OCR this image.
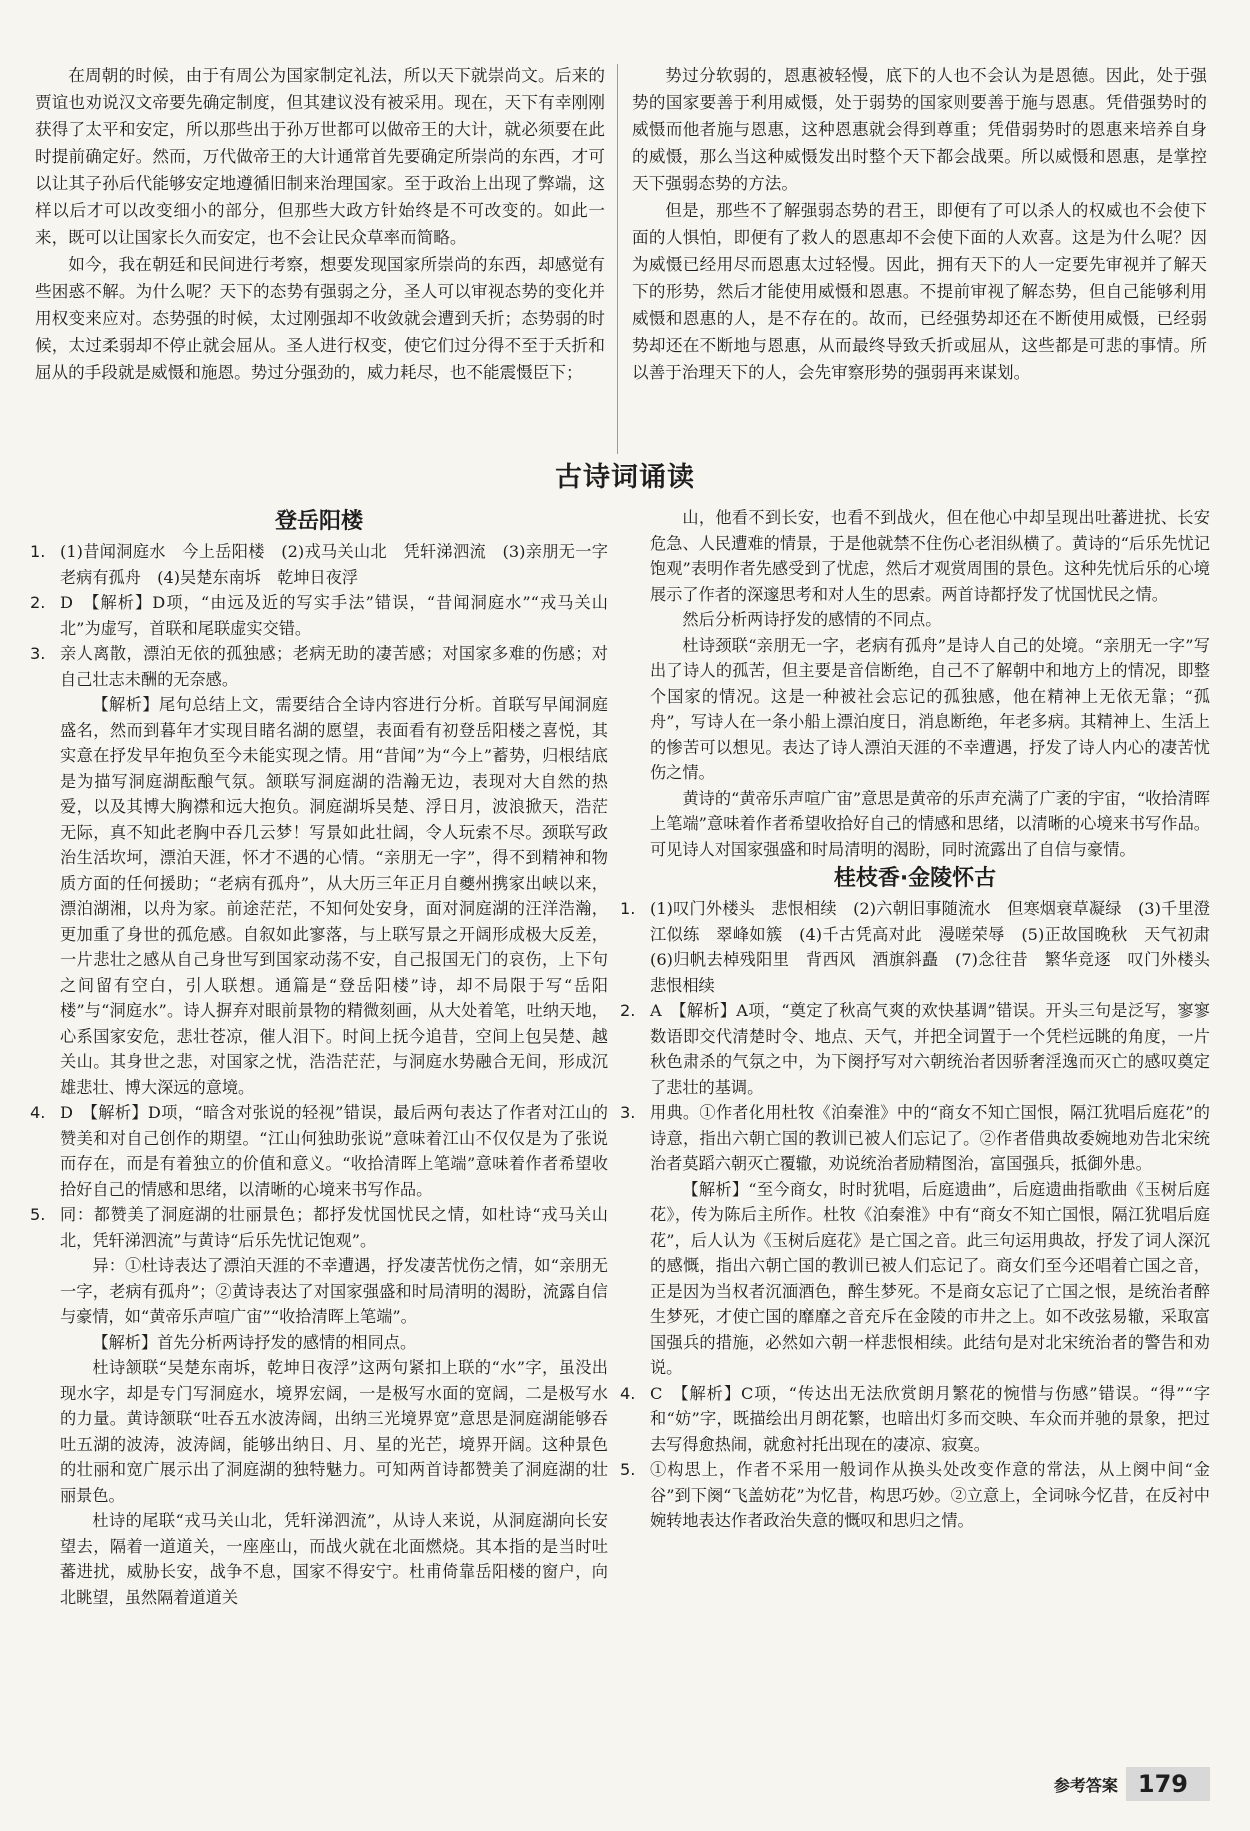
在周朝的时候，由于有周公为国家制定礼法，所以天下就崇尚文。后来的贾谊也劝说汉文帝要先确定制度，但其建议没有被采用。现在，天下有幸刚刚获得了太平和安定，所以那些出于孙万世都可以做帝王的大计，就必须要在此时提前确定好。然而，万代做帝王的大计通常首先要确定所崇尚的东西，才可以让其子孙后代能够安定地遵循旧制来治理国家。至于政治上出现了弊端，这样以后才可以改变细小的部分，但那些大政方针始终是不可改变的。如此一来，既可以让国家长久而安定，也不会让民众草率而简略。

如今，我在朝廷和民间进行考察，想要发现国家所崇尚的东西，却感觉有些困惑不解。为什么呢？天下的态势有强弱之分，圣人可以审视态势的变化并用权变来应对。态势强的时候，太过刚强却不收敛就会遭到夭折；态势弱的时候，太过柔弱却不停止就会屈从。圣人进行权变，使它们过分得不至于夭折和屈从的手段就是威慑和施恩。势过分强劲的，威力耗尽，也不能震慑臣下；

势过分软弱的，恩惠被轻慢，底下的人也不会认为是恩德。因此，处于强势的国家要善于利用威慑，处于弱势的国家则要善于施与恩惠。凭借强势时的威慑而他者施与恩惠，这种恩惠就会得到尊重；凭借弱势时的恩惠来培养自身的威慑，那么当这种威慑发出时整个天下都会战栗。所以威慑和恩惠，是掌控天下强弱态势的方法。

但是，那些不了解强弱态势的君王，即便有了可以杀人的权威也不会使下面的人惧怕，即便有了救人的恩惠却不会使下面的人欢喜。这是为什么呢？因为威慑已经用尽而恩惠太过轻慢。因此，拥有天下的人一定要先审视并了解天下的形势，然后才能使用威慑和恩惠。不提前审视了解态势，但自己能够利用威慑和恩惠的人，是不存在的。故而，已经强势却还在不断使用威慑，已经弱势却还在不断地与恩惠，从而最终导致夭折或屈从，这些都是可悲的事情。所以善于治理天下的人，会先审察形势的强弱再来谋划。

古诗词诵读
登岳阳楼
1. (1)昔闻洞庭水　今上岳阳楼　(2)戎马关山北　凭轩涕泗流　(3)亲朋无一字　老病有孤舟　(4)吴楚东南坼　乾坤日夜浮
2. D　【解析】D项，“由远及近的写实手法”错误，“昔闻洞庭水”“戎马关山北”为虚写，首联和尾联虚实交错。
3. 亲人离散，漂泊无依的孤独感；老病无助的凄苦感；对国家多难的伤感；对自己壮志未酬的无奈感。

【解析】尾句总结上文，需要结合全诗内容进行分析。首联写早闻洞庭盛名，然而到暮年才实现目睹名湖的愿望，表面看有初登岳阳楼之喜悦，其实意在抒发早年抱负至今未能实现之情。用“昔闻”为“今上”蓄势，归根结底是为描写洞庭湖酝酿气氛。颔联写洞庭湖的浩瀚无边，表现对大自然的热爱，以及其博大胸襟和远大抱负。洞庭湖坼吴楚、浮日月，波浪掀天，浩茫无际，真不知此老胸中吞几云梦！写景如此壮阔，令人玩索不尽。颈联写政治生活坎坷，漂泊天涯，怀才不遇的心情。“亲朋无一字”，得不到精神和物质方面的任何援助；“老病有孤舟”，从大历三年正月自夔州携家出峡以来，漂泊湖湘，以舟为家。前途茫茫，不知何处安身，面对洞庭湖的汪洋浩瀚，更加重了身世的孤危感。自叙如此寥落，与上联写景之开阔形成极大反差，一片悲壮之感从自己身世写到国家动荡不安，自己报国无门的哀伤，上下句之间留有空白，引人联想。通篇是“登岳阳楼”诗，却不局限于写“岳阳楼”与“洞庭水”。诗人摒弃对眼前景物的精微刻画，从大处着笔，吐纳天地，心系国家安危，悲壮苍凉，催人泪下。时间上抚今追昔，空间上包吴楚、越关山。其身世之悲，对国家之忧，浩浩茫茫，与洞庭水势融合无间，形成沉雄悲壮、博大深远的意境。

4. D　【解析】D项，“暗含对张说的轻视”错误，最后两句表达了作者对江山的赞美和对自己创作的期望。“江山何独助张说”意味着江山不仅仅是为了张说而存在，而是有着独立的价值和意义。“收拾清晖上笔端”意味着作者希望收拾好自己的情感和思绪，以清晰的心境来书写作品。
5. 同：都赞美了洞庭湖的壮丽景色；都抒发忧国忧民之情，如杜诗“戎马关山北，凭轩涕泗流”与黄诗“后乐先忧记饱观”。

异：①杜诗表达了漂泊天涯的不幸遭遇，抒发凄苦忧伤之情，如“亲朋无一字，老病有孤舟”；②黄诗表达了对国家强盛和时局清明的渴盼，流露自信与豪情，如“黄帝乐声喧广宙”“收拾清晖上笔端”。

【解析】首先分析两诗抒发的感情的相同点。

杜诗颔联“吴楚东南坼，乾坤日夜浮”这两句紧扣上联的“水”字，虽没出现水字，却是专门写洞庭水，境界宏阔，一是极写水面的宽阔，二是极写水的力量。黄诗颔联“吐吞五水波涛阔，出纳三光境界宽”意思是洞庭湖能够吞吐五湖的波涛，波涛阔，能够出纳日、月、星的光芒，境界开阔。这种景色的壮丽和宽广展示出了洞庭湖的独特魅力。可知两首诗都赞美了洞庭湖的壮丽景色。

杜诗的尾联“戎马关山北，凭轩涕泗流”，从诗人来说，从洞庭湖向长安望去，隔着一道道关，一座座山，而战火就在北面燃烧。其本指的是当时吐蕃进扰，威胁长安，战争不息，国家不得安宁。杜甫倚靠岳阳楼的窗户，向北眺望，虽然隔着道道关

山，他看不到长安，也看不到战火，但在他心中却呈现出吐蕃进扰、长安危急、人民遭难的情景，于是他就禁不住伤心老泪纵横了。黄诗的“后乐先忧记饱观”表明作者先感受到了忧虑，然后才观赏周围的景色。这种先忧后乐的心境展示了作者的深邃思考和对人生的思索。两首诗都抒发了忧国忧民之情。

然后分析两诗抒发的感情的不同点。

杜诗颈联“亲朋无一字，老病有孤舟”是诗人自己的处境。“亲朋无一字”写出了诗人的孤苦，但主要是音信断绝，自己不了解朝中和地方上的情况，即整个国家的情况。这是一种被社会忘记的孤独感，他在精神上无依无靠；“孤舟”，写诗人在一条小船上漂泊度日，消息断绝，年老多病。其精神上、生活上的惨苦可以想见。表达了诗人漂泊天涯的不幸遭遇，抒发了诗人内心的凄苦忧伤之情。

黄诗的“黄帝乐声喧广宙”意思是黄帝的乐声充满了广袤的宇宙，“收拾清晖上笔端”意味着作者希望收拾好自己的情感和思绪，以清晰的心境来书写作品。可见诗人对国家强盛和时局清明的渴盼，同时流露出了自信与豪情。

桂枝香·金陵怀古
1. (1)叹门外楼头　悲恨相续　(2)六朝旧事随流水　但寒烟衰草凝绿　(3)千里澄江似练　翠峰如簇　(4)千古凭高对此　漫嗟荣辱　(5)正故国晚秋　天气初肃　(6)归帆去棹残阳里　背西风　酒旗斜矗　(7)念往昔　繁华竞逐　叹门外楼头　悲恨相续
2. A　【解析】A项，“奠定了秋高气爽的欢快基调”错误。开头三句是泛写，寥寥数语即交代清楚时令、地点、天气，并把全词置于一个凭栏远眺的角度，一片秋色肃杀的气氛之中，为下阕抒写对六朝统治者因骄奢淫逸而灭亡的感叹奠定了悲壮的基调。
3. 用典。①作者化用杜牧《泊秦淮》中的“商女不知亡国恨，隔江犹唱后庭花”的诗意，指出六朝亡国的教训已被人们忘记了。②作者借典故委婉地劝告北宋统治者莫蹈六朝灭亡覆辙，劝说统治者励精图治，富国强兵，抵御外患。

【解析】“至今商女，时时犹唱，后庭遗曲”，后庭遗曲指歌曲《玉树后庭花》，传为陈后主所作。杜牧《泊秦淮》中有“商女不知亡国恨，隔江犹唱后庭花”，后人认为《玉树后庭花》是亡国之音。此三句运用典故，抒发了词人深沉的感慨，指出六朝亡国的教训已被人们忘记了。商女们至今还唱着亡国之音，正是因为当权者沉湎酒色，醉生梦死。不是商女忘记了亡国之恨，是统治者醉生梦死，才使亡国的靡靡之音充斥在金陵的市井之上。如不改弦易辙，采取富国强兵的措施，必然如六朝一样悲恨相续。此结句是对北宋统治者的警告和劝说。

4. C　【解析】C项，“传达出无法欣赏朗月繁花的惋惜与伤感”错误。“得”“字和“妨”字，既描绘出月朗花繁，也暗出灯多而交映、车众而并驰的景象，把过去写得愈热闹，就愈衬托出现在的凄凉、寂寞。
5. ①构思上，作者不采用一般词作从换头处改变作意的常法，从上阕中间“金谷”到下阕“飞盖妨花”为忆昔，构思巧妙。②立意上，全词咏今忆昔，在反衬中婉转地表达作者政治失意的慨叹和思归之情。
参考答案 179
